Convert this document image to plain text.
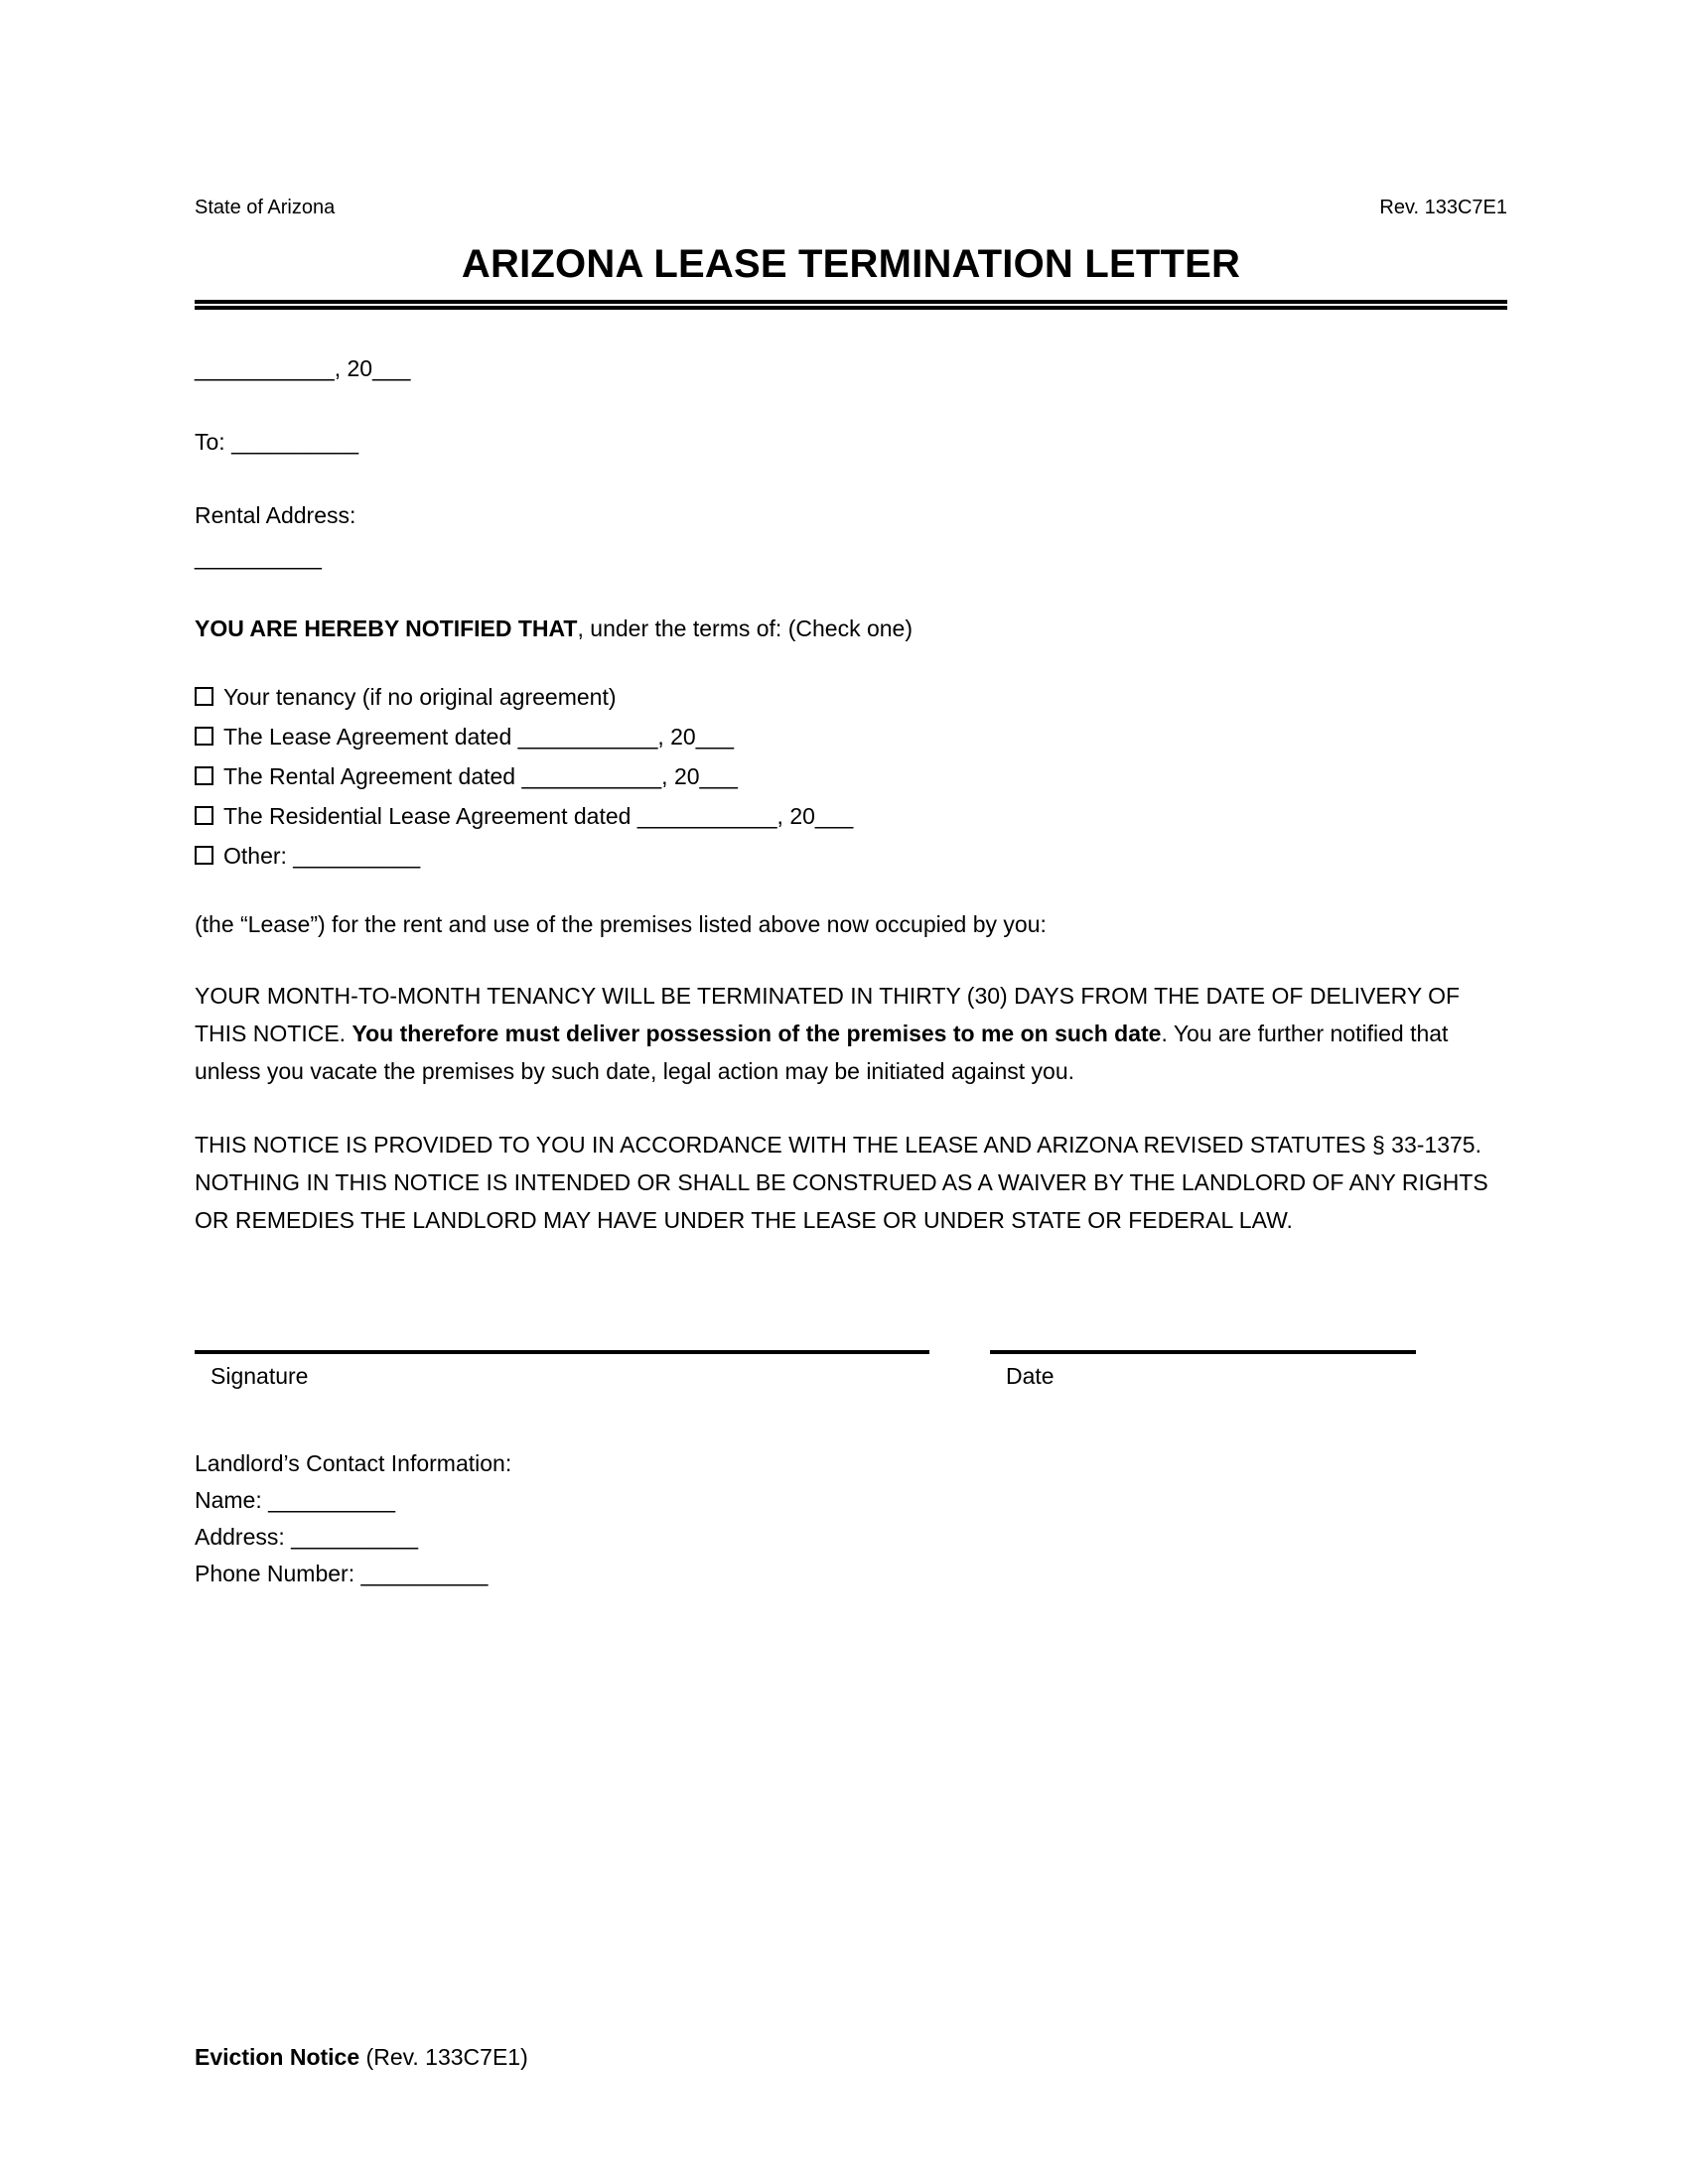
State of Arizona	Rev. 133C7E1
ARIZONA LEASE TERMINATION LETTER
___________, 20___
To: __________
Rental Address:
__________
YOU ARE HEREBY NOTIFIED THAT, under the terms of: (Check one)
Your tenancy (if no original agreement)
The Lease Agreement dated ___________, 20___
The Rental Agreement dated ___________, 20___
The Residential Lease Agreement dated ___________, 20___
Other: __________
(the “Lease”) for the rent and use of the premises listed above now occupied by you:
YOUR MONTH-TO-MONTH TENANCY WILL BE TERMINATED IN THIRTY (30) DAYS FROM THE DATE OF DELIVERY OF THIS NOTICE. You therefore must deliver possession of the premises to me on such date. You are further notified that unless you vacate the premises by such date, legal action may be initiated against you.
THIS NOTICE IS PROVIDED TO YOU IN ACCORDANCE WITH THE LEASE AND ARIZONA REVISED STATUTES § 33-1375. NOTHING IN THIS NOTICE IS INTENDED OR SHALL BE CONSTRUED AS A WAIVER BY THE LANDLORD OF ANY RIGHTS OR REMEDIES THE LANDLORD MAY HAVE UNDER THE LEASE OR UNDER STATE OR FEDERAL LAW.
Signature	Date
Landlord’s Contact Information:
Name: __________
Address: __________
Phone Number: __________
Eviction Notice (Rev. 133C7E1)
